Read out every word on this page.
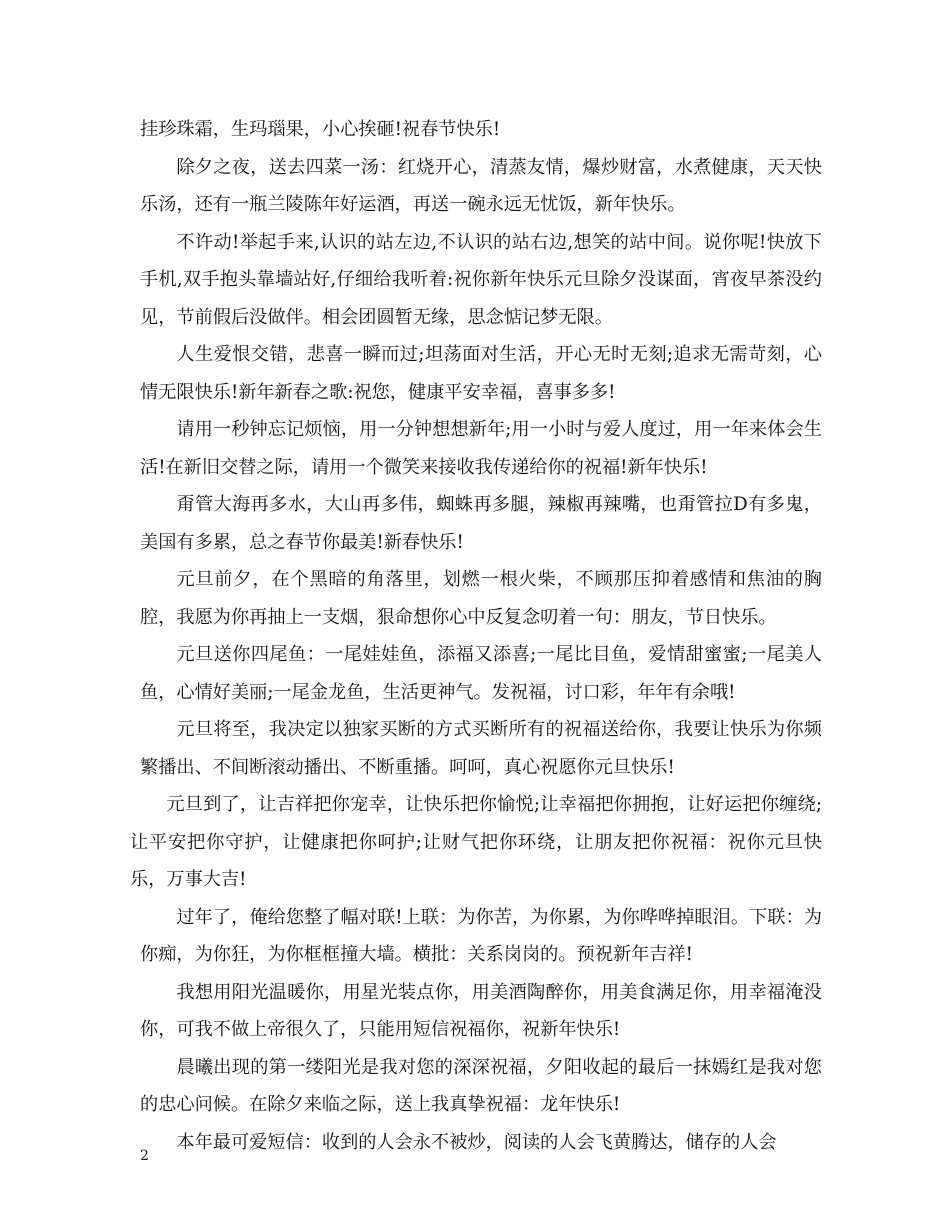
挂珍珠霜，生玛瑙果，小心挨砸!祝春节快乐!

除夕之夜，送去四菜一汤：红烧开心，清蒸友情，爆炒财富，水煮健康，天天快乐汤，还有一瓶兰陵陈年好运酒，再送一碗永远无忧饭，新年快乐。

不许动!举起手来,认识的站左边,不认识的站右边,想笑的站中间。说你呢!快放下手机,双手抱头靠墙站好,仔细给我听着:祝你新年快乐元旦除夕没谋面，宵夜早茶没约见，节前假后没做伴。相会团圆暂无缘，思念惦记梦无限。

人生爱恨交错，悲喜一瞬而过;坦荡面对生活，开心无时无刻;追求无需苛刻，心情无限快乐!新年新春之歌:祝您，健康平安幸福，喜事多多!

请用一秒钟忘记烦恼，用一分钟想想新年;用一小时与爱人度过，用一年来体会生活!在新旧交替之际，请用一个微笑来接收我传递给你的祝福!新年快乐!

甭管大海再多水，大山再多伟，蜘蛛再多腿，辣椒再辣嘴，也甭管拉D有多鬼，美国有多累，总之春节你最美!新春快乐!

元旦前夕，在个黑暗的角落里，划燃一根火柴，不顾那压抑着感情和焦油的胸腔，我愿为你再抽上一支烟，狠命想你心中反复念叨着一句：朋友，节日快乐。

元旦送你四尾鱼：一尾娃娃鱼，添福又添喜;一尾比目鱼，爱情甜蜜蜜;一尾美人鱼，心情好美丽;一尾金龙鱼，生活更神气。发祝福，讨口彩，年年有余哦!

元旦将至，我决定以独家买断的方式买断所有的祝福送给你，我要让快乐为你频繁播出、不间断滚动播出、不断重播。呵呵，真心祝愿你元旦快乐!

元旦到了，让吉祥把你宠幸，让快乐把你愉悦;让幸福把你拥抱，让好运把你缠绕;让平安把你守护，让健康把你呵护;让财气把你环绕，让朋友把你祝福：祝你元旦快乐，万事大吉!

过年了，俺给您整了幅对联!上联：为你苦，为你累，为你哗哗掉眼泪。下联：为你痴，为你狂，为你框框撞大墙。横批：关系岗岗的。预祝新年吉祥!

我想用阳光温暖你，用星光装点你，用美酒陶醉你，用美食满足你，用幸福淹没你，可我不做上帝很久了，只能用短信祝福你，祝新年快乐!

晨曦出现的第一缕阳光是我对您的深深祝福，夕阳收起的最后一抹嫣红是我对您的忠心问候。在除夕来临之际，送上我真挚祝福：龙年快乐!

本年最可爱短信：收到的人会永不被炒，阅读的人会飞黄腾达，储存的人会

2
